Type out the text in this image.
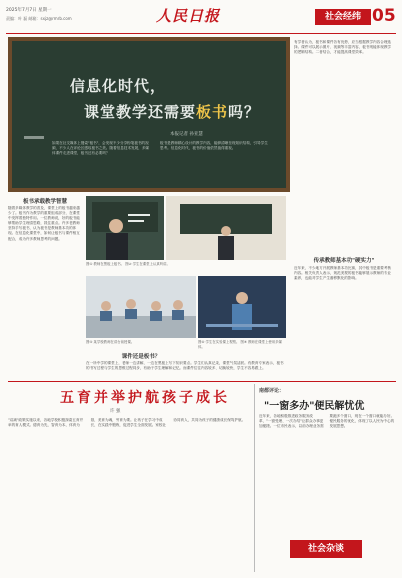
2025年7月7日 星期一
责编：叶 磊 邮箱：sxjz@rmrb.com	人民日报	社会经纬 05
信息化时代，
课堂教学还需要板书吗？
本报记者 孙亚慧
如果在社交媒体上搜索"板书"，会发现不少分享粉笔板书的视频，不少人在评论区感叹板书之美。随着信息技术发展，多媒体课件走进课堂，板书还有必要吗？
板书是教师精心设计的教学内容，能够清晰呈现知识结构，引导学生思考。信息化时代，板书的价值依然值得重视。
有学者认为，板书和课件各有优势，应当根据教学内容合理选择。课件可以展示图片、视频等丰富内容，板书则能体现教学的逻辑结构。二者结合，才能提高课堂效率。
传承教师基本功"硬实力"
近年来，不少地方开展教师基本功比赛，其中板书是重要考核内容。相关负责人表示，规范美观的板书能够展示教师的专业素养，也能对学生产生潜移默化的影响。
板书承载教学智慧
随着多媒体教学的普及，课堂上的板书越来越少了。板书作为教学的重要组成部分，在课堂中发挥着独特作用。一位教师说，好的板书能够帮助学生理清思路，抓住重点。许多老教师坚持手写板书，认为板书是教师基本功的体现。在信息化课堂中，如何让板书与课件相互配合，成为许多教师思考的问题。
图① 教师在黑板上板书。 图② 学生在课堂上认真听讲。
图④ 学生在实验课上观察。 图⑤ 教师在课堂上使用多媒体。
图③ 某学校教师在讲台前授课。
课件还是板书？
在一所中学的课堂上，老师一边讲解，一边在黑板上写下知识要点。学生们认真记录，课堂气氛活跃。有教育专家表示，板书的书写过程与学生的思维过程同步，有助于学生理解和记忆。而课件往往内容较多、切换较快，学生不容易跟上。
五育并举护航孩子成长
许 强
"双减"政策实施以来，各地学校积极探索五育并举的育人模式。德育为先，智育为本，体育为基，美育为魂，劳育为要。让孩子在学习中成长，在实践中锻炼，促进学生全面发展。家校社协同育人，共同为孩子的健康成长保驾护航。
南都评论：
"一窗多办"便民解忧优
近年来，各地积极推进政务服务改革，"一窗受理、一次办结"让群众办事更加便捷。一位市民表示，以前办理业务需要跑多个窗口，现在一个窗口就能办好。便民服务的优化，体现了以人民为中心的发展思想。
社会杂谈
